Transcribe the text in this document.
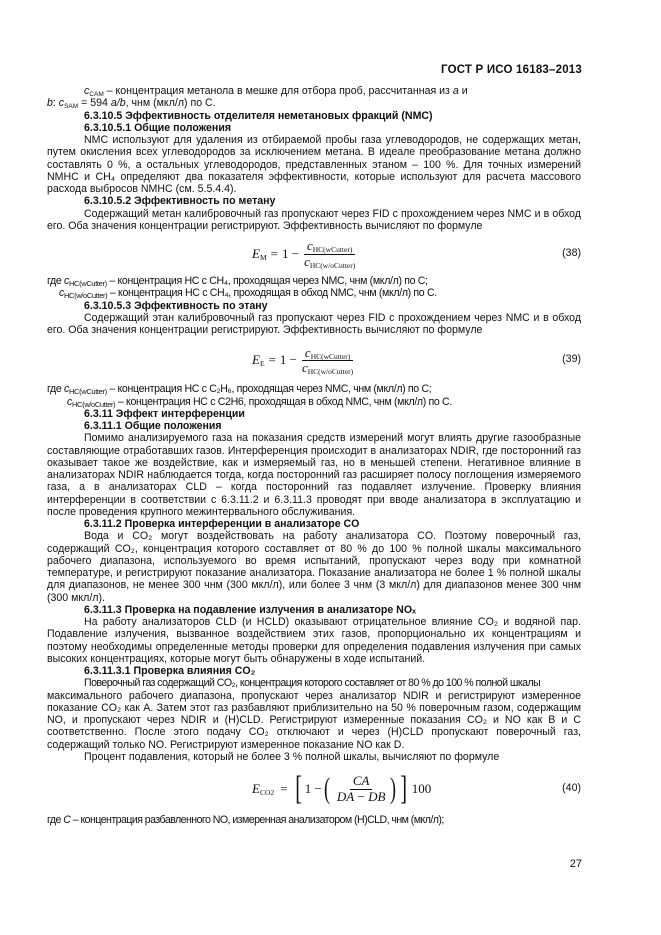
ГОСТ Р ИСО 16183–2013

$c_{CAM}$ – концентрация метанола в мешке для отбора проб, рассчитанная из a и

b: $c_{SAM} = 594$ a/b, чнм (мкл/л) по С.

6.3.10.5 Эффективность отделителя неметановых фракций (NMC)

6.3.10.5.1 Общие положения

NMC используют для удаления из отбираемой пробы газа углеводородов, не содержащих метан, путем окисления всех углеводородов за исключением метана. В идеале преобразование метана должно составлять 0 %, а остальных углеводородов, представленных этаном – 100 %. Для точных измерений NMHC и CH₄ определяют два показателя эффективности, которые используют для расчета массового расхода выбросов NMHC (см. 5.5.4.4).

6.3.10.5.2 Эффективность по метану

Содержащий метан калибровочный газ пропускают через FID с прохождением через NMC и в обход его. Оба значения концентрации регистрируют. Эффективность вычисляют по формуле

$E_M = 1 - \frac{c_{HC(wCutter)}}{c_{HC(w/oCutter)}}$	(38)

где $c_{HC(wCutter)}$ – концентрация HC с CH₄, проходящая через NMC, чнм (мкл/л) по С;

$c_{HC(w/oCutter)}$ – концентрация HC с CH₄, проходящая в обход NMC, чнм (мкл/л) по С.

6.3.10.5.3 Эффективность по этану

Содержащий этан калибровочный газ пропускают через FID с прохождением через NMC и в обход его. Оба значения концентрации регистрируют. Эффективность вычисляют по формуле

$E_E = 1 - \frac{c_{HC(wCutter)}}{c_{HC(w/oCutter)}}$	(39)

где $c_{HC(wCutter)}$ – концентрация HC с C₂H₆, проходящая через NMC, чнм (мкл/л) по С;

$c_{HC(w/oCutter)}$ – концентрация HC с C2H6, проходящая в обход NMC, чнм (мкл/л) по С.

6.3.11 Эффект интерференции

6.3.11.1 Общие положения

Помимо анализируемого газа на показания средств измерений могут влиять другие газообразные составляющие отработавших газов. Интерференция происходит в анализаторах NDIR, где посторонний газ оказывает такое же воздействие, как и измеряемый газ, но в меньшей степени. Негативное влияние в анализаторах NDIR наблюдается тогда, когда посторонний газ расширяет полосу поглощения измеряемого газа, а в анализаторах CLD – когда посторонний газ подавляет излучение. Проверку влияния интерференции в соответствии с 6.3.11.2 и 6.3.11.3 проводят при вводе анализатора в эксплуатацию и после проведения крупного межинтервального обслуживания.

6.3.11.2 Проверка интерференции в анализаторе CO

Вода и CO₂ могут воздействовать на работу анализатора CO. Поэтому поверочный газ, содержащий CO₂, концентрация которого составляет от 80 % до 100 % полной шкалы максимального рабочего диапазона, используемого во время испытаний, пропускают через воду при комнатной температуре, и регистрируют показание анализатора. Показание анализатора не более 1 % полной шкалы для диапазонов, не менее 300 чнм (300 мкл/л), или более 3 чнм (3 мкл/л) для диапазонов менее 300 чнм (300 мкл/л).

6.3.11.3 Проверка на подавление излучения в анализаторе NOₓ

На работу анализаторов CLD (и HCLD) оказывают отрицательное влияние CO₂ и водяной пар. Подавление излучения, вызванное воздействием этих газов, пропорционально их концентрациям и поэтому необходимы определенные методы проверки для определения подавления излучения при самых высоких концентрациях, которые могут быть обнаружены в ходе испытаний.

6.3.11.3.1 Проверка влияния CO₂

Поверочный газ содержащий CO₂, концентрация которого составляет от 80 % до 100 % полной шкалы

максимального рабочего диапазона, пропускают через анализатор NDIR и регистрируют измеренное показание CO₂ как A. Затем этот газ разбавляют приблизительно на 50 % поверочным газом, содержащим NO, и пропускают через NDIR и (H)CLD. Регистрируют измеренные показания CO₂ и NO как B и C соответственно. После этого подачу CO₂ отключают и через (H)CLD пропускают поверочный газ, содержащий только NO. Регистрируют измеренное показание NO как D.

Процент подавления, который не более 3 % полной шкалы, вычисляют по формуле

$E_{CO2}$ = [ 1 − ( $\frac{CA}{DA - DB}$ ) ] 100	(40)

где C – концентрация разбавленного NO, измеренная анализатором (H)CLD, чнм (мкл/л);

27
